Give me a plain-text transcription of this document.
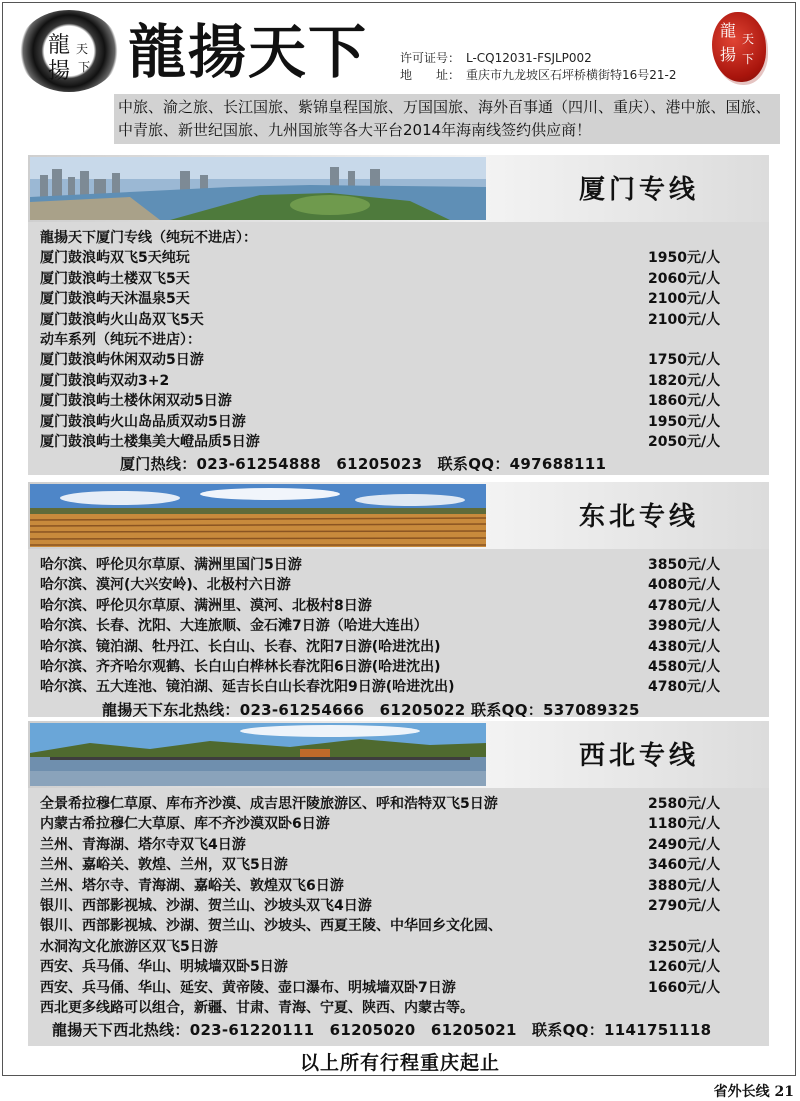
龍
揚
天
下 龍揚天下	许可证号： L-CQ12031-FSJLP002
地　　址： 重庆市九龙坡区石坪桥横街特16号21-2
龍
揚
天
下
中旅、渝之旅、长江国旅、紫锦皇程国旅、万国国旅、海外百事通（四川、重庆）、港中旅、国旅、中青旅、新世纪国旅、九州国旅等各大平台2014年海南线签约供应商！
厦门专线
龍揚天下厦门专线（纯玩不进店）：
厦门鼓浪屿双飞5天纯玩	1950元/人
厦门鼓浪屿土楼双飞5天	2060元/人
厦门鼓浪屿天沐温泉5天	2100元/人
厦门鼓浪屿火山岛双飞5天	2100元/人
动车系列（纯玩不进店）：
厦门鼓浪屿休闲双动5日游	1750元/人
厦门鼓浪屿双动3+2	1820元/人
厦门鼓浪屿土楼休闲双动5日游	1860元/人
厦门鼓浪屿火山岛品质双动5日游	1950元/人
厦门鼓浪屿土楼集美大嶝品质5日游	2050元/人
厦门热线：023-61254888　61205023　联系QQ：497688111
东北专线
哈尔滨、呼伦贝尔草原、满洲里国门5日游	3850元/人
哈尔滨、漠河(大兴安岭)、北极村六日游	4080元/人
哈尔滨、呼伦贝尔草原、满洲里、漠河、北极村8日游	4780元/人
哈尔滨、长春、沈阳、大连旅顺、金石滩7日游（哈进大连出）	3980元/人
哈尔滨、镜泊湖、牡丹江、长白山、长春、沈阳7日游(哈进沈出)	4380元/人
哈尔滨、齐齐哈尔观鹤、长白山白桦林长春沈阳6日游(哈进沈出)	4580元/人
哈尔滨、五大连池、镜泊湖、延吉长白山长春沈阳9日游(哈进沈出)	4780元/人
龍揚天下东北热线：023-61254666　61205022 联系QQ：537089325
西北专线
全景希拉穆仁草原、库布齐沙漠、成吉思汗陵旅游区、呼和浩特双飞5日游	2580元/人
内蒙古希拉穆仁大草原、库不齐沙漠双卧6日游	1180元/人
兰州、青海湖、塔尔寺双飞4日游	2490元/人
兰州、嘉峪关、敦煌、兰州，双飞5日游	3460元/人
兰州、塔尔寺、青海湖、嘉峪关、敦煌双飞6日游	3880元/人
银川、西部影视城、沙湖、贺兰山、沙坡头双飞4日游	2790元/人
银川、西部影视城、沙湖、贺兰山、沙坡头、西夏王陵、中华回乡文化园、
水洞沟文化旅游区双飞5日游	3250元/人
西安、兵马俑、华山、明城墙双卧5日游	1260元/人
西安、兵马俑、华山、延安、黄帝陵、壶口瀑布、明城墙双卧7日游	1660元/人
西北更多线路可以组合，新疆、甘肃、青海、宁夏、陕西、内蒙古等。
龍揚天下西北热线：023-61220111　61205020　61205021　联系QQ：1141751118
以上所有行程重庆起止
省外长线 21
